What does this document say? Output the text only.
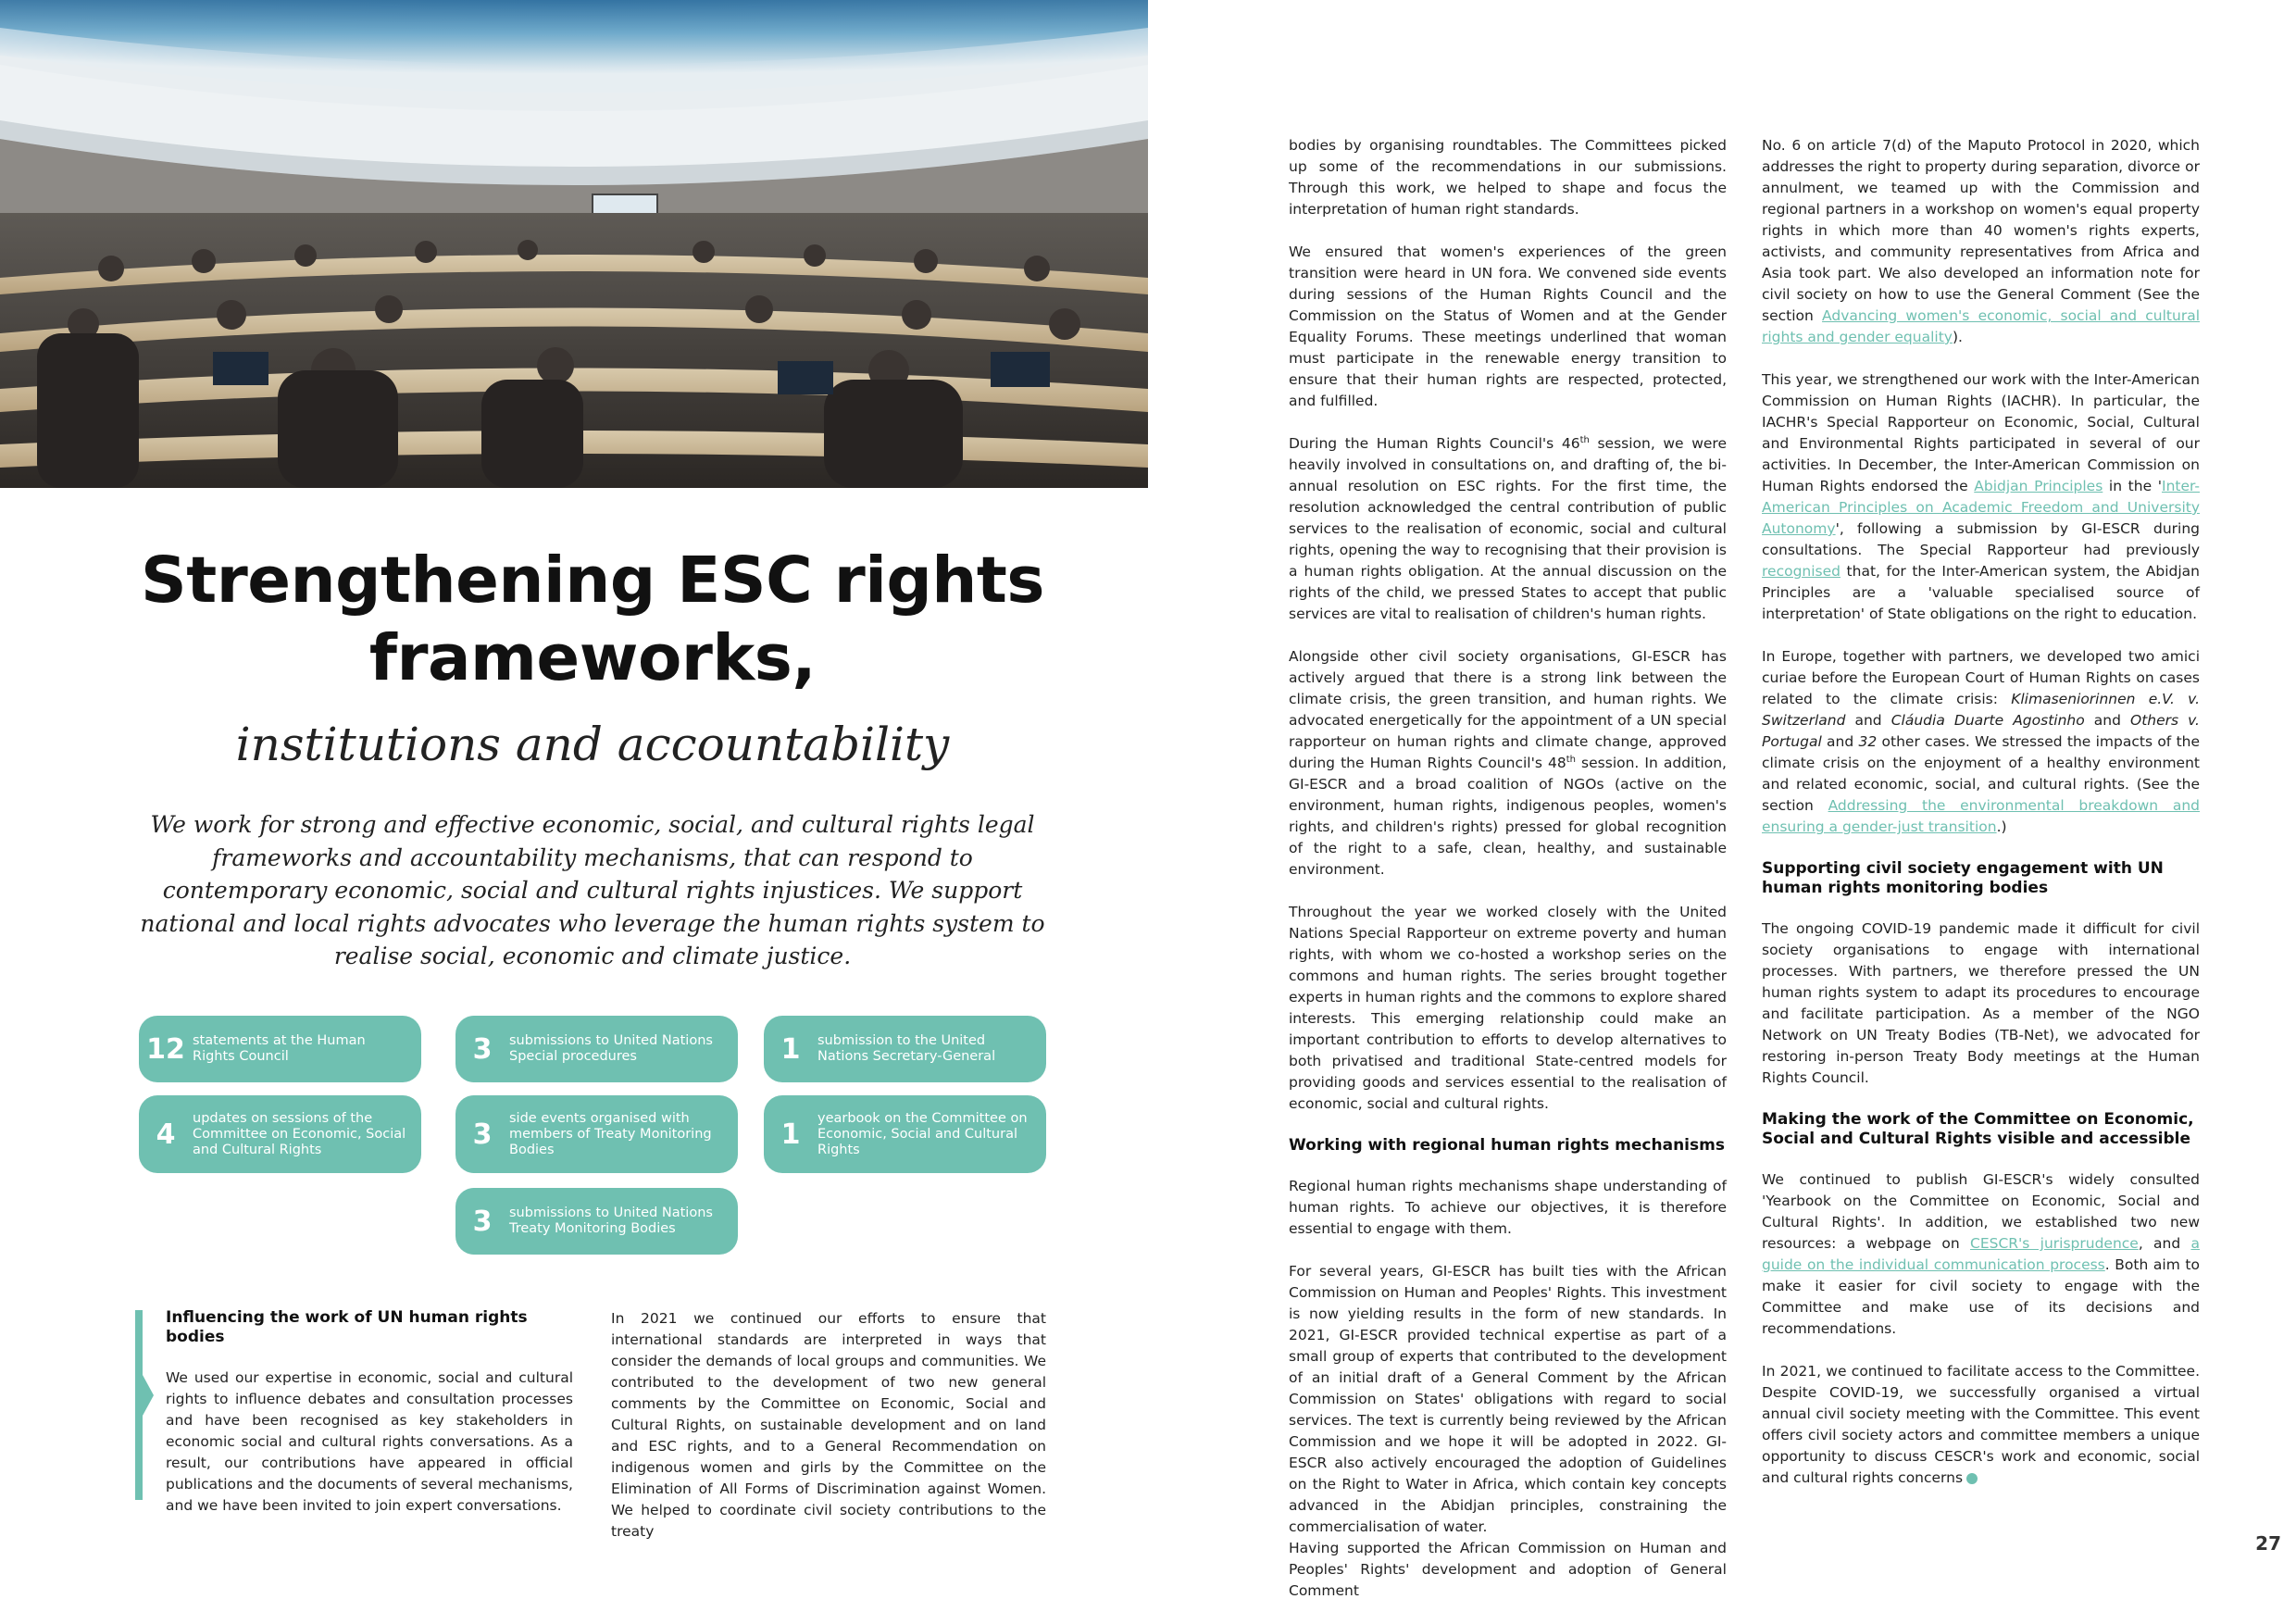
Strengthening ESC rights
frameworks,
institutions and accountability

We work for strong and effective economic, social, and cultural rights legal frameworks and accountability mechanisms, that can respond to contemporary economic, social and cultural rights injustices. We support national and local rights advocates who leverage the human rights system to realise social, economic and climate justice.

12 statements at the Human Rights Council	3	submissions to United Nations Special procedures	1	submission to the United Nations Secretary-General
4	updates on sessions of the Committee on Economic, Social and Cultural Rights	3	side events organised with members of Treaty Monitoring Bodies	1	yearbook on the Committee on Economic, Social and Cultural Rights
3	submissions to United Nations Treaty Monitoring Bodies
Influencing the work of UN human rights bodies

We used our expertise in economic, social and cultural rights to influence debates and consultation processes and have been recognised as key stakeholders in economic social and cultural rights conversations. As a result, our contributions have appeared in official publications and the documents of several mechanisms, and we have been invited to join expert conversations.

In 2021 we continued our efforts to ensure that international standards are interpreted in ways that consider the demands of local groups and communities. We contributed to the development of two new general comments by the Committee on Economic, Social and Cultural Rights, on sustainable development and on land and ESC rights, and to a General Recommendation on indigenous women and girls by the Committee on the Elimination of All Forms of Discrimination against Women. We helped to coordinate civil society contributions to the treaty

bodies by organising roundtables. The Committees picked up some of the recommendations in our submissions. Through this work, we helped to shape and focus the interpretation of human right standards.

We ensured that women's experiences of the green transition were heard in UN fora. We convened side events during sessions of the Human Rights Council and the Commission on the Status of Women and at the Gender Equality Forums. These meetings underlined that woman must participate in the renewable energy transition to ensure that their human rights are respected, protected, and fulfilled.

During the Human Rights Council's 46th session, we were heavily involved in consultations on, and drafting of, the bi-annual resolution on ESC rights. For the first time, the resolution acknowledged the central contribution of public services to the realisation of economic, social and cultural rights, opening the way to recognising that their provision is a human rights obligation. At the annual discussion on the rights of the child, we pressed States to accept that public services are vital to realisation of children's human rights.

Alongside other civil society organisations, GI-ESCR has actively argued that there is a strong link between the climate crisis, the green transition, and human rights. We advocated energetically for the appointment of a UN special rapporteur on human rights and climate change, approved during the Human Rights Council's 48th session. In addition, GI-ESCR and a broad coalition of NGOs (active on the environment, human rights, indigenous peoples, women's rights, and children's rights) pressed for global recognition of the right to a safe, clean, healthy, and sustainable environment.

Throughout the year we worked closely with the United Nations Special Rapporteur on extreme poverty and human rights, with whom we co-hosted a workshop series on the commons and human rights. The series brought together experts in human rights and the commons to explore shared interests. This emerging relationship could make an important contribution to efforts to develop alternatives to both privatised and traditional State-centred models for providing goods and services essential to the realisation of economic, social and cultural rights.

Working with regional human rights mechanisms

Regional human rights mechanisms shape understanding of human rights. To achieve our objectives, it is therefore essential to engage with them.

For several years, GI-ESCR has built ties with the African Commission on Human and Peoples' Rights. This investment is now yielding results in the form of new standards. In 2021, GI-ESCR provided technical expertise as part of a small group of experts that contributed to the development of an initial draft of a General Comment by the African Commission on States' obligations with regard to social services. The text is currently being reviewed by the African Commission and we hope it will be adopted in 2022. GI-ESCR also actively encouraged the adoption of Guidelines on the Right to Water in Africa, which contain key concepts advanced in the Abidjan principles, constraining the commercialisation of water.

Having supported the African Commission on Human and Peoples' Rights' development and adoption of General Comment

No. 6 on article 7(d) of the Maputo Protocol in 2020, which addresses the right to property during separation, divorce or annulment, we teamed up with the Commission and regional partners in a workshop on women's equal property rights in which more than 40 women's rights experts, activists, and community representatives from Africa and Asia took part. We also developed an information note for civil society on how to use the General Comment (See the section Advancing women's economic, social and cultural rights and gender equality).

This year, we strengthened our work with the Inter-American Commission on Human Rights (IACHR). In particular, the IACHR's Special Rapporteur on Economic, Social, Cultural and Environmental Rights participated in several of our activities. In December, the Inter-American Commission on Human Rights endorsed the Abidjan Principles in the 'Inter-American Principles on Academic Freedom and University Autonomy', following a submission by GI-ESCR during consultations. The Special Rapporteur had previously recognised that, for the Inter-American system, the Abidjan Principles are a 'valuable specialised source of interpretation' of State obligations on the right to education.

In Europe, together with partners, we developed two amici curiae before the European Court of Human Rights on cases related to the climate crisis: Klimaseniorinnen e.V. v. Switzerland and Cláudia Duarte Agostinho and Others v. Portugal and 32 other cases. We stressed the impacts of the climate crisis on the enjoyment of a healthy environment and related economic, social, and cultural rights. (See the section Addressing the environmental breakdown and ensuring a gender-just transition.)

Supporting civil society engagement with UN human rights monitoring bodies

The ongoing COVID-19 pandemic made it difficult for civil society organisations to engage with international processes. With partners, we therefore pressed the UN human rights system to adapt its procedures to encourage and facilitate participation. As a member of the NGO Network on UN Treaty Bodies (TB-Net), we advocated for restoring in-person Treaty Body meetings at the Human Rights Council.

Making the work of the Committee on Economic, Social and Cultural Rights visible and accessible

We continued to publish GI-ESCR's widely consulted 'Yearbook on the Committee on Economic, Social and Cultural Rights'. In addition, we established two new resources: a webpage on CESCR's jurisprudence, and a guide on the individual communication process. Both aim to make it easier for civil society to engage with the Committee and make use of its decisions and recommendations.

In 2021, we continued to facilitate access to the Committee. Despite COVID-19, we successfully organised a virtual annual civil society meeting with the Committee. This event offers civil society actors and committee members a unique opportunity to discuss CESCR's work and economic, social and cultural rights concerns

27
